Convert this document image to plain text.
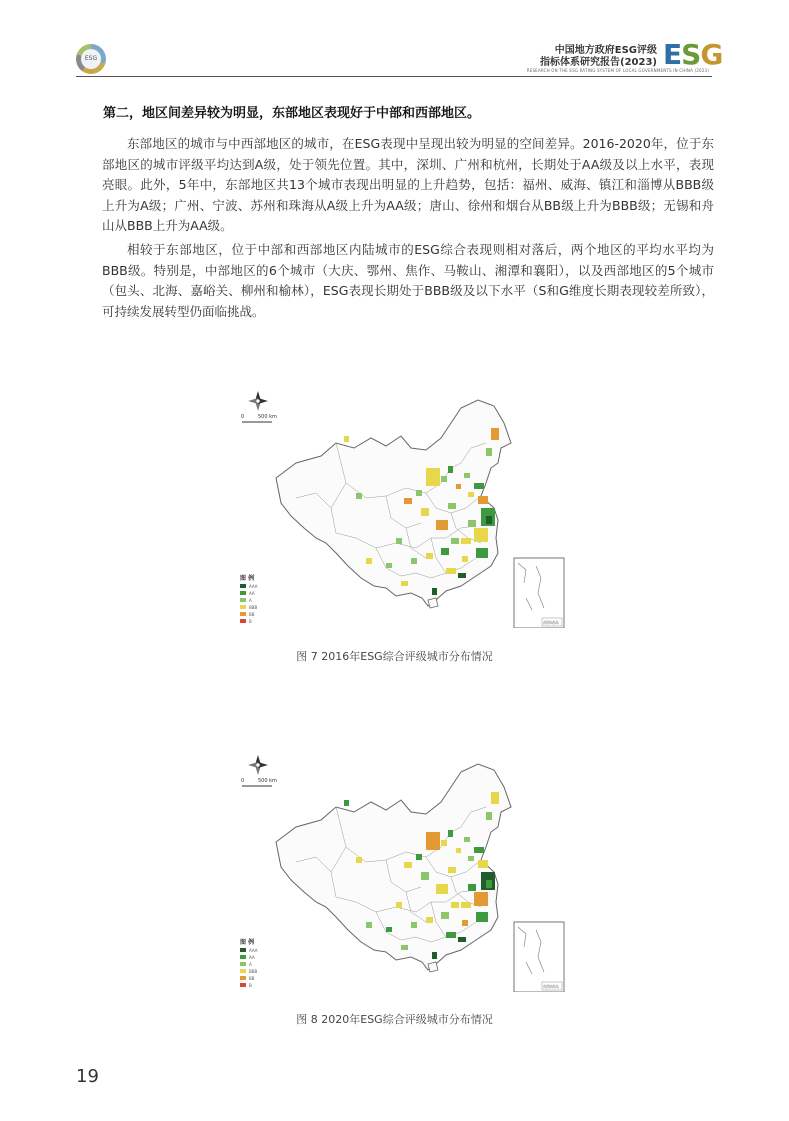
ESG
中国地方政府ESG评级
指标体系研究报告(2023)
RESEARCH ON THE ESG RATING SYSTEM OF LOCAL GOVERNMENTS IN CHINA (2023)
ESG
第二，地区间差异较为明显，东部地区表现好于中部和西部地区。
东部地区的城市与中西部地区的城市，在ESG表现中呈现出较为明显的空间差异。2016-2020年，位于东部地区的城市评级平均达到A级，处于领先位置。其中，深圳、广州和杭州，长期处于AA级及以上水平，表现亮眼。此外，5年中，东部地区共13个城市表现出明显的上升趋势，包括：福州、威海、镇江和淄博从BBB级上升为A级；广州、宁波、苏州和珠海从A级上升为AA级；唐山、徐州和烟台从BB级上升为BBB级；无锡和舟山从BBB上升为AA级。
相较于东部地区，位于中部和西部地区内陆城市的ESG综合表现则相对落后，两个地区的平均水平均为BBB级。特别是，中部地区的6个城市（大庆、鄂州、焦作、马鞍山、湘潭和襄阳），以及西部地区的5个城市（包头、北海、嘉峪关、柳州和榆林），ESG表现长期处于BBB级及以下水平（S和G维度长期表现较差所致），可持续发展转型仍面临挑战。
0	500 km
南海诸岛
图 例
AAA
AA
A
BBB
BB
B
图 7 2016年ESG综合评级城市分布情况
0	500 km
南海诸岛
图 例
AAA
AA
A
BBB
BB
B
图 8 2020年ESG综合评级城市分布情况
19
